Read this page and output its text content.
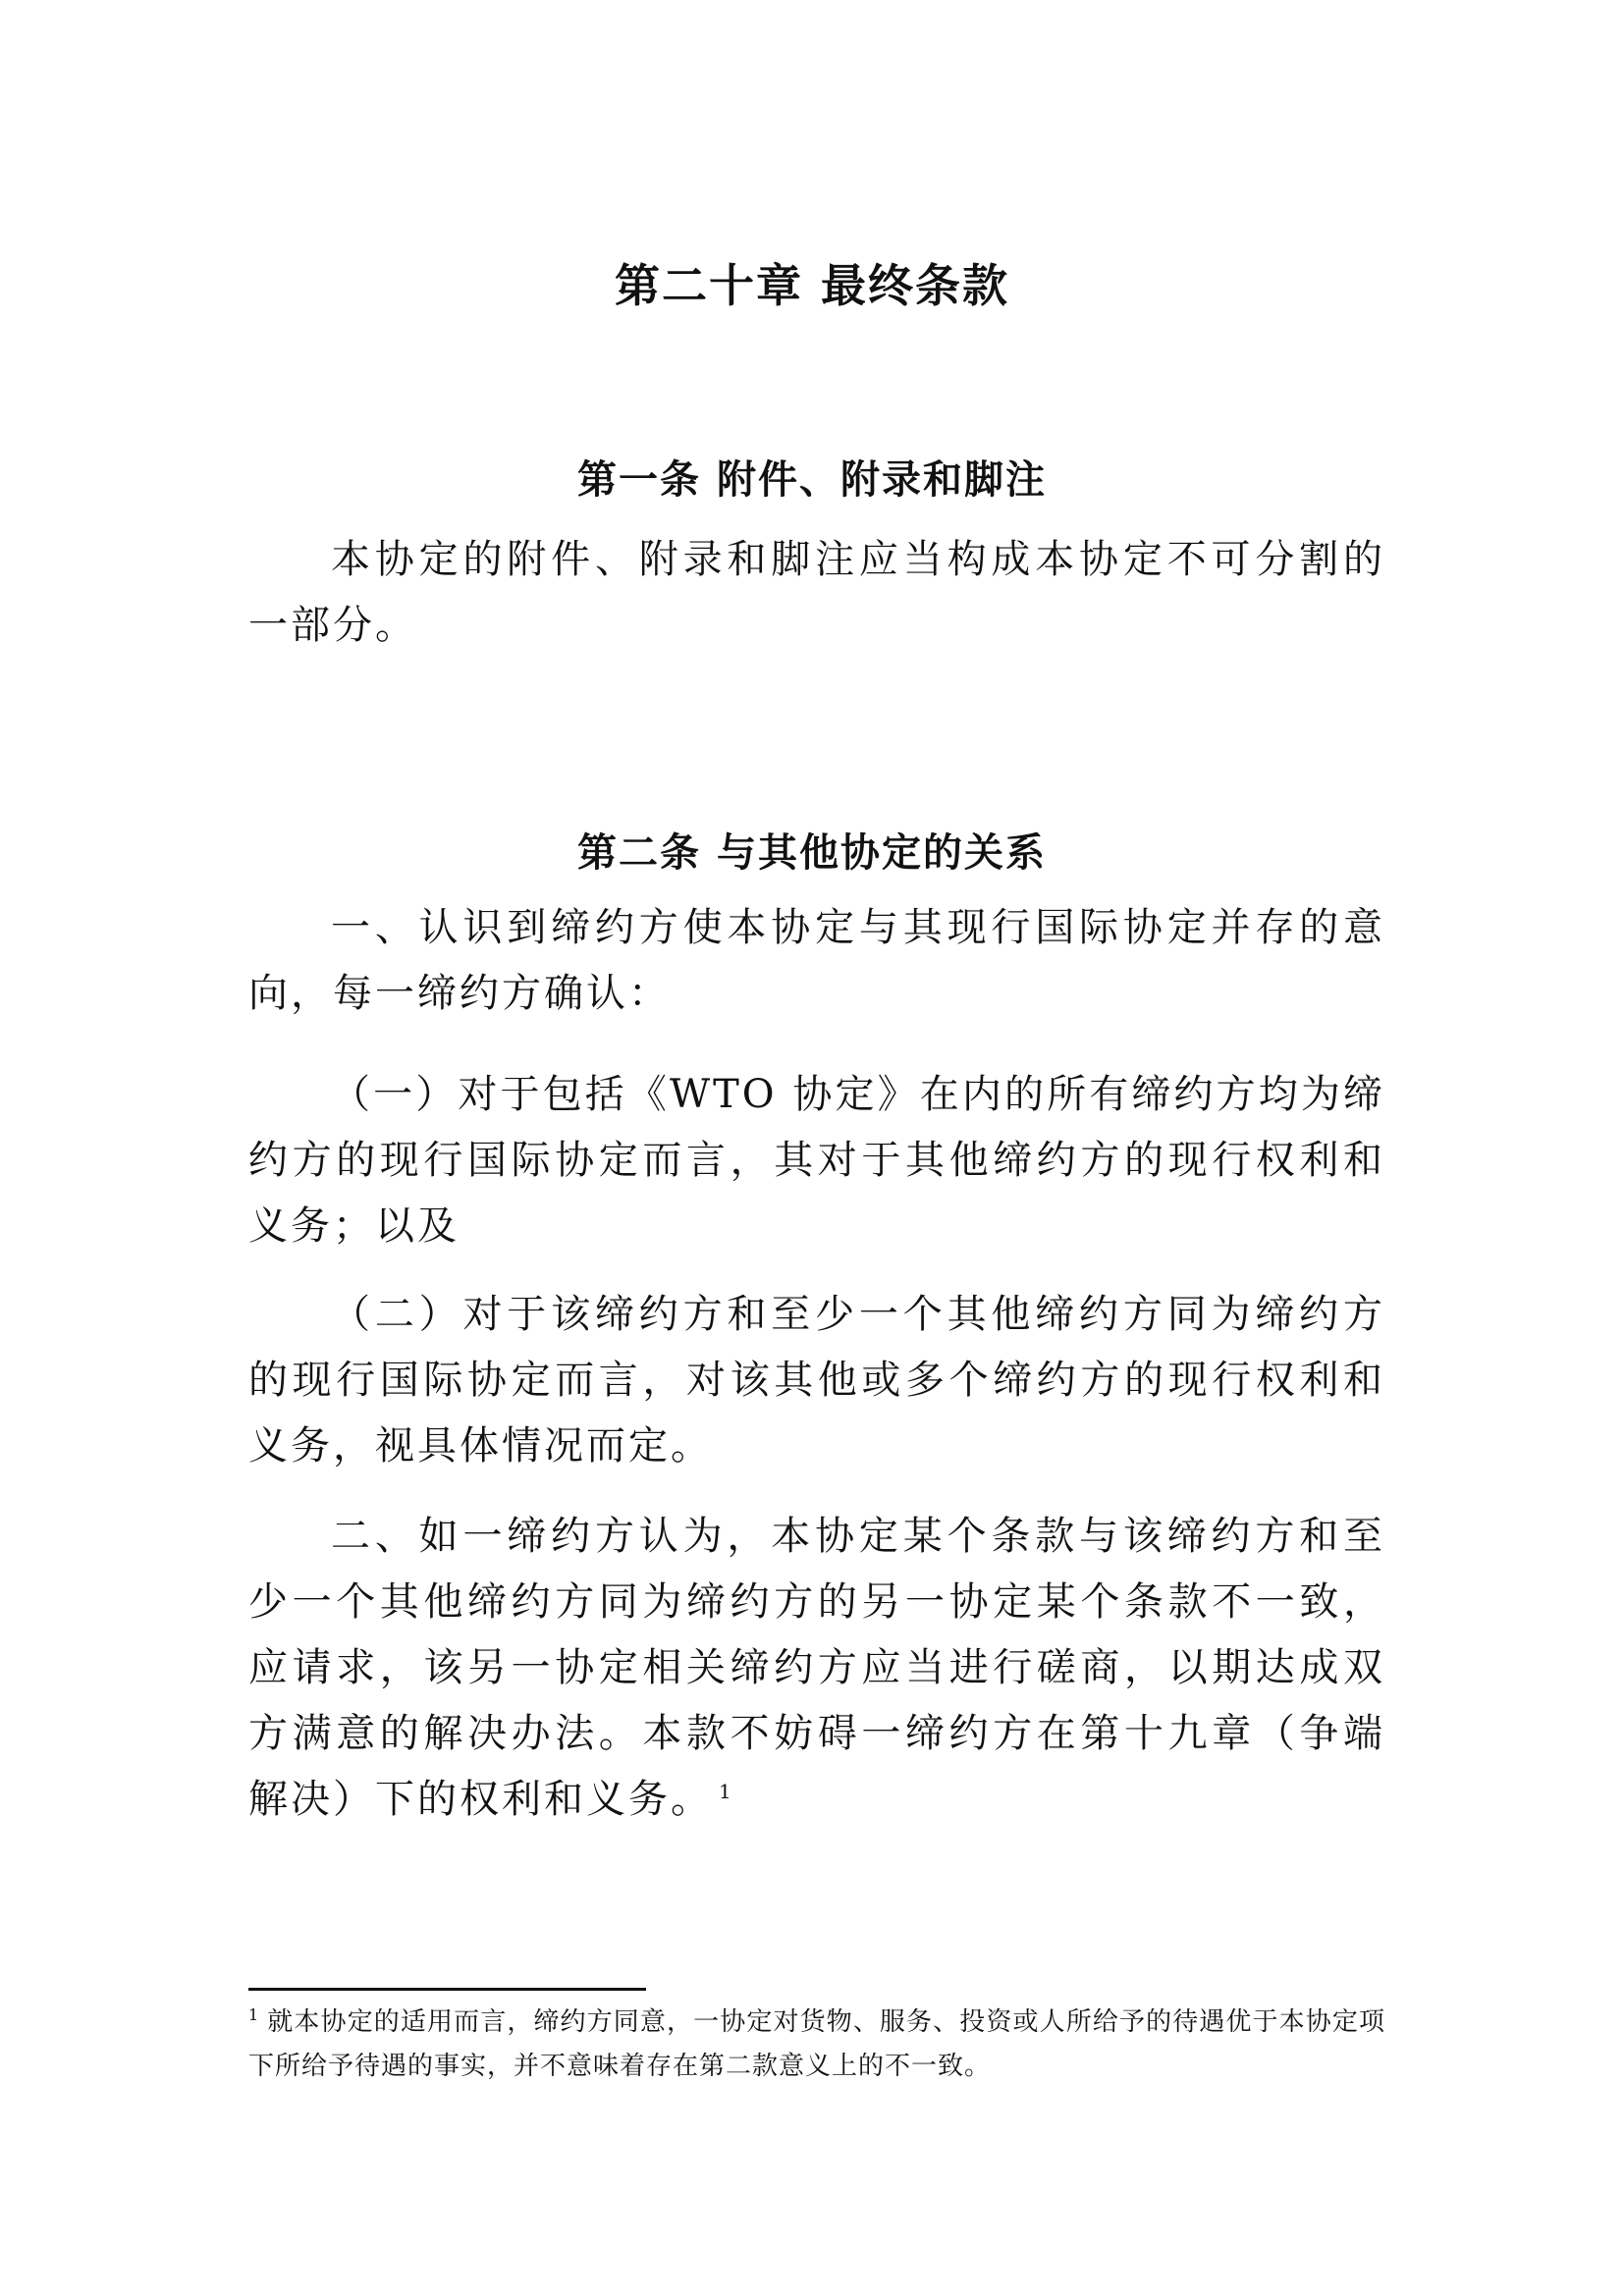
第二十章 最终条款
第一条 附件、附录和脚注

本协定的附件、附录和脚注应当构成本协定不可分割的一部分。

第二条 与其他协定的关系

一、认识到缔约方使本协定与其现行国际协定并存的意向，每一缔约方确认：

（一）对于包括《WTO 协定》在内的所有缔约方均为缔约方的现行国际协定而言，其对于其他缔约方的现行权利和义务；以及

（二）对于该缔约方和至少一个其他缔约方同为缔约方的现行国际协定而言，对该其他或多个缔约方的现行权利和义务，视具体情况而定。

二、如一缔约方认为，本协定某个条款与该缔约方和至少一个其他缔约方同为缔约方的另一协定某个条款不一致，应请求，该另一协定相关缔约方应当进行磋商，以期达成双方满意的解决办法。本款不妨碍一缔约方在第十九章（争端解决）下的权利和义务。 $^1$

$^1$ 就本协定的适用而言，缔约方同意，一协定对货物、服务、投资或人所给予的待遇优于本协定项下所给予待遇的事实，并不意味着存在第二款意义上的不一致。
